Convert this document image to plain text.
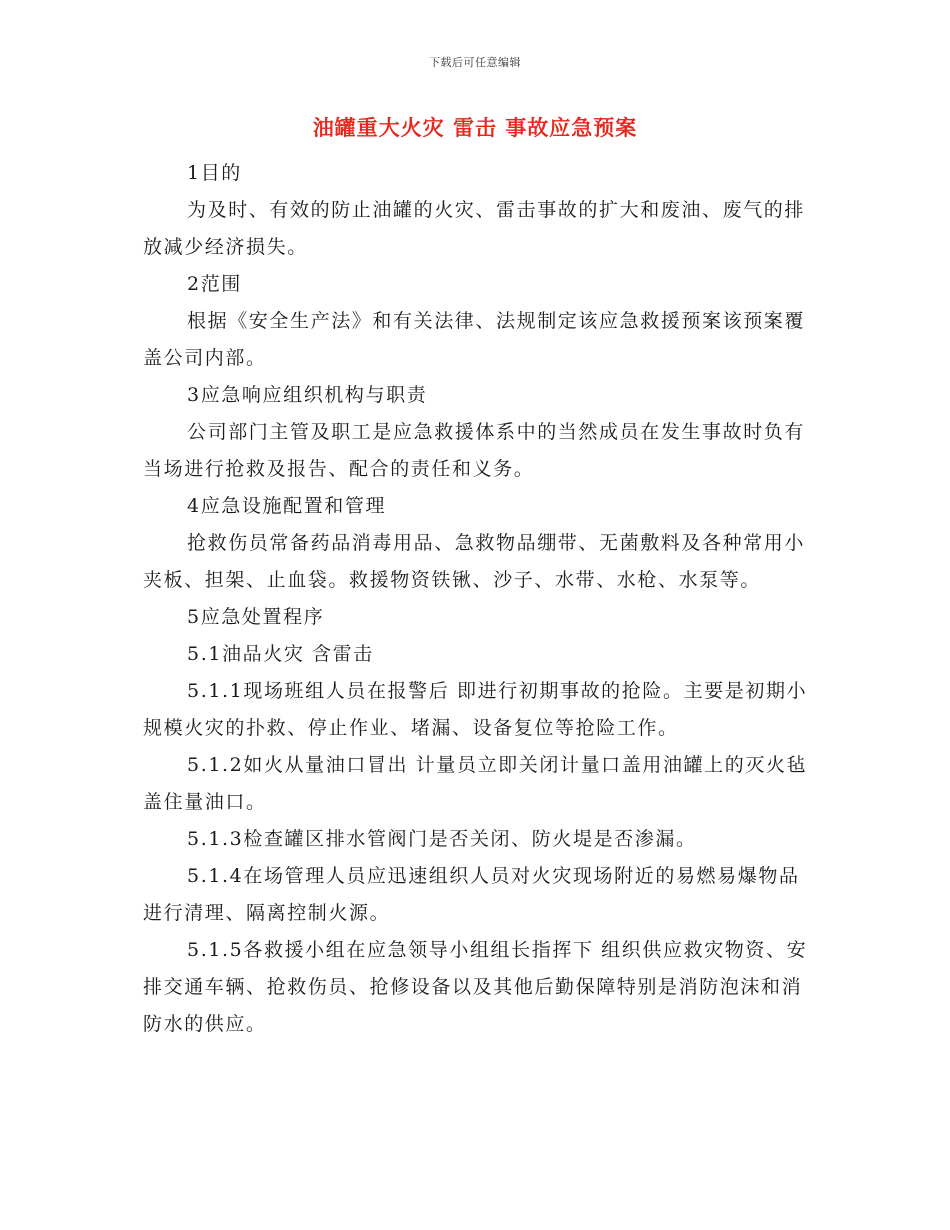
下载后可任意编辑
油罐重大火灾 雷击 事故应急预案

1目的

为及时、有效的防止油罐的火灾、雷击事故的扩大和废油、废气的排放减少经济损失。

2范围

根据《安全生产法》和有关法律、法规制定该应急救援预案该预案覆盖公司内部。

3应急响应组织机构与职责

公司部门主管及职工是应急救援体系中的当然成员在发生事故时负有当场进行抢救及报告、配合的责任和义务。

4应急设施配置和管理

抢救伤员常备药品消毒用品、急救物品绷带、无菌敷料及各种常用小夹板、担架、止血袋。救援物资铁锹、沙子、水带、水枪、水泵等。

5应急处置程序

5.1油品火灾 含雷击

5.1.1现场班组人员在报警后 即进行初期事故的抢险。主要是初期小规模火灾的扑救、停止作业、堵漏、设备复位等抢险工作。

5.1.2如火从量油口冒出 计量员立即关闭计量口盖用油罐上的灭火毡盖住量油口。

5.1.3检查罐区排水管阀门是否关闭、防火堤是否渗漏。

5.1.4在场管理人员应迅速组织人员对火灾现场附近的易燃易爆物品进行清理、隔离控制火源。

5.1.5各救援小组在应急领导小组组长指挥下 组织供应救灾物资、安排交通车辆、抢救伤员、抢修设备以及其他后勤保障特别是消防泡沫和消防水的供应。
